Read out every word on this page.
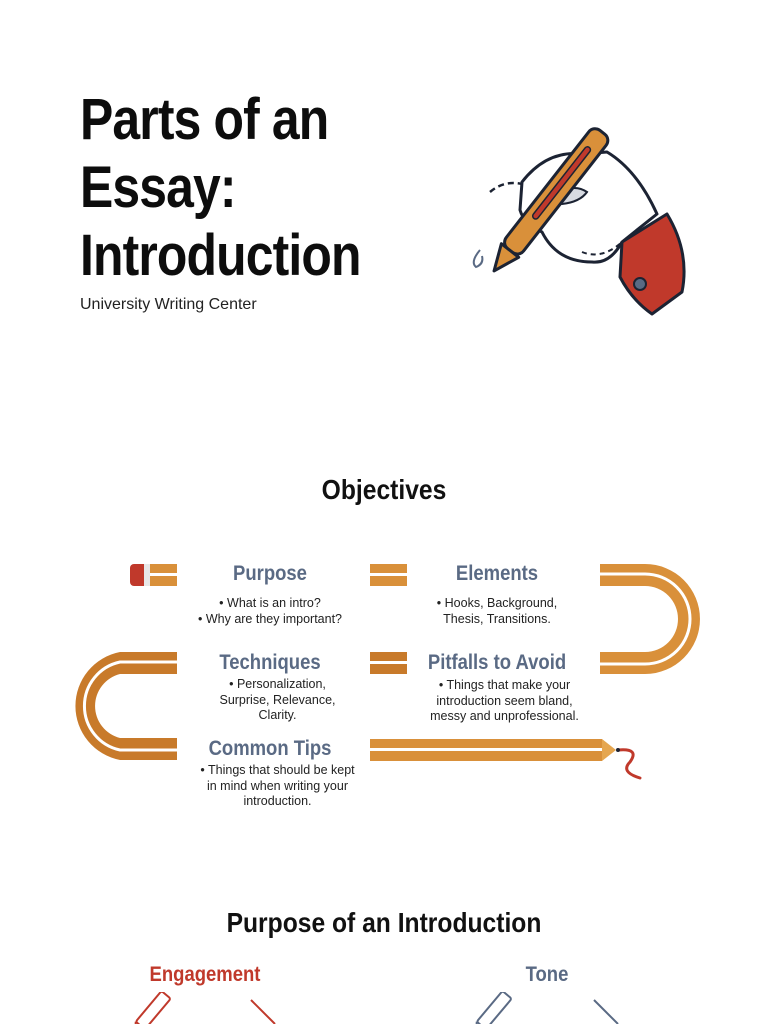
Parts of an
Essay:
Introduction
University Writing Center
Objectives
Purpose
• What is an intro?
• Why are they important?
Elements
• Hooks, Background, Thesis, Transitions.
Techniques
• Personalization, Surprise, Relevance, Clarity.
Pitfalls to Avoid
• Things that make your introduction seem bland, messy and unprofessional.
Common Tips
• Things that should be kept in mind when writing your introduction.
Purpose of an Introduction
Engagement	Tone
